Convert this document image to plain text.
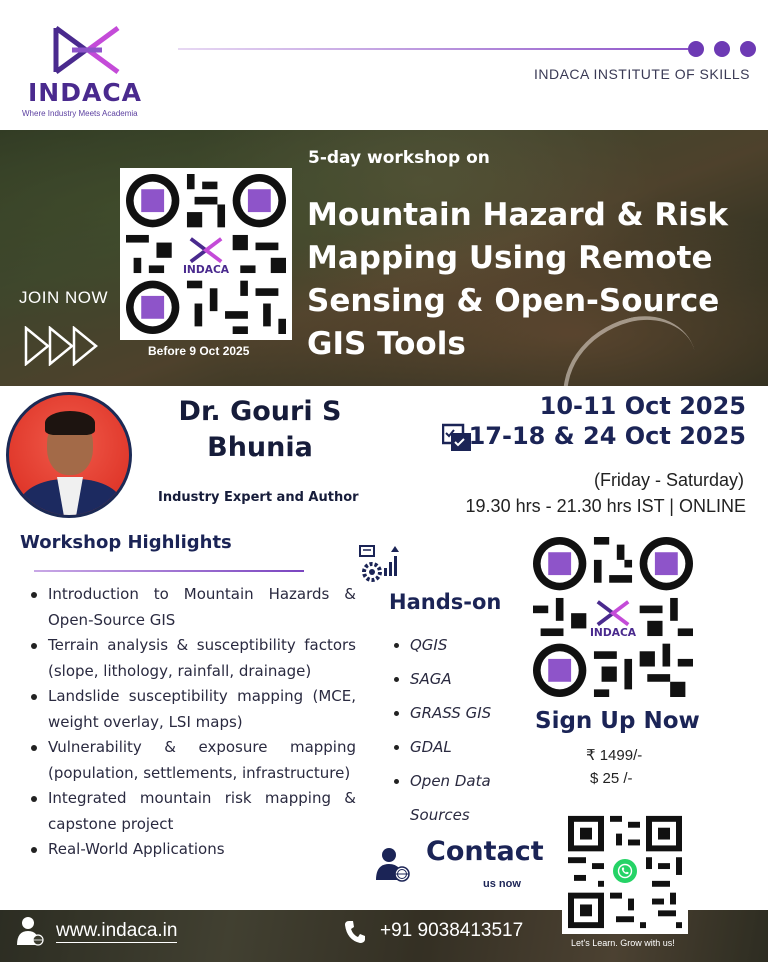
INDACA
Where Industry Meets Academia
INDACA INSTITUTE OF SKILLS
JOIN NOW
INDACA
Before 9 Oct 2025
5-day workshop on
Mountain Hazard & Risk Mapping Using Remote Sensing & Open-Source GIS Tools
Dr. Gouri S Bhunia
Industry Expert and Author
10-11 Oct 2025
17-18 & 24 Oct 2025
(Friday - Saturday)
19.30 hrs - 21.30 hrs IST | ONLINE
Workshop Highlights
Introduction to Mountain Hazards & Open-Source GIS
Terrain analysis & susceptibility factors (slope, lithology, rainfall, drainage)
Landslide susceptibility mapping (MCE, weight overlay, LSI maps)
Vulnerability & exposure mapping (population, settlements, infrastructure)
Integrated mountain risk mapping & capstone project
Real-World Applications
Hands-on
QGIS
SAGA
GRASS GIS
GDAL
Open Data Sources
INDACA
Sign Up Now
₹ 1499/-
$ 25 /-
Contact
us now
www.indaca.in	+91 9038413517
Let's Learn. Grow with us!
